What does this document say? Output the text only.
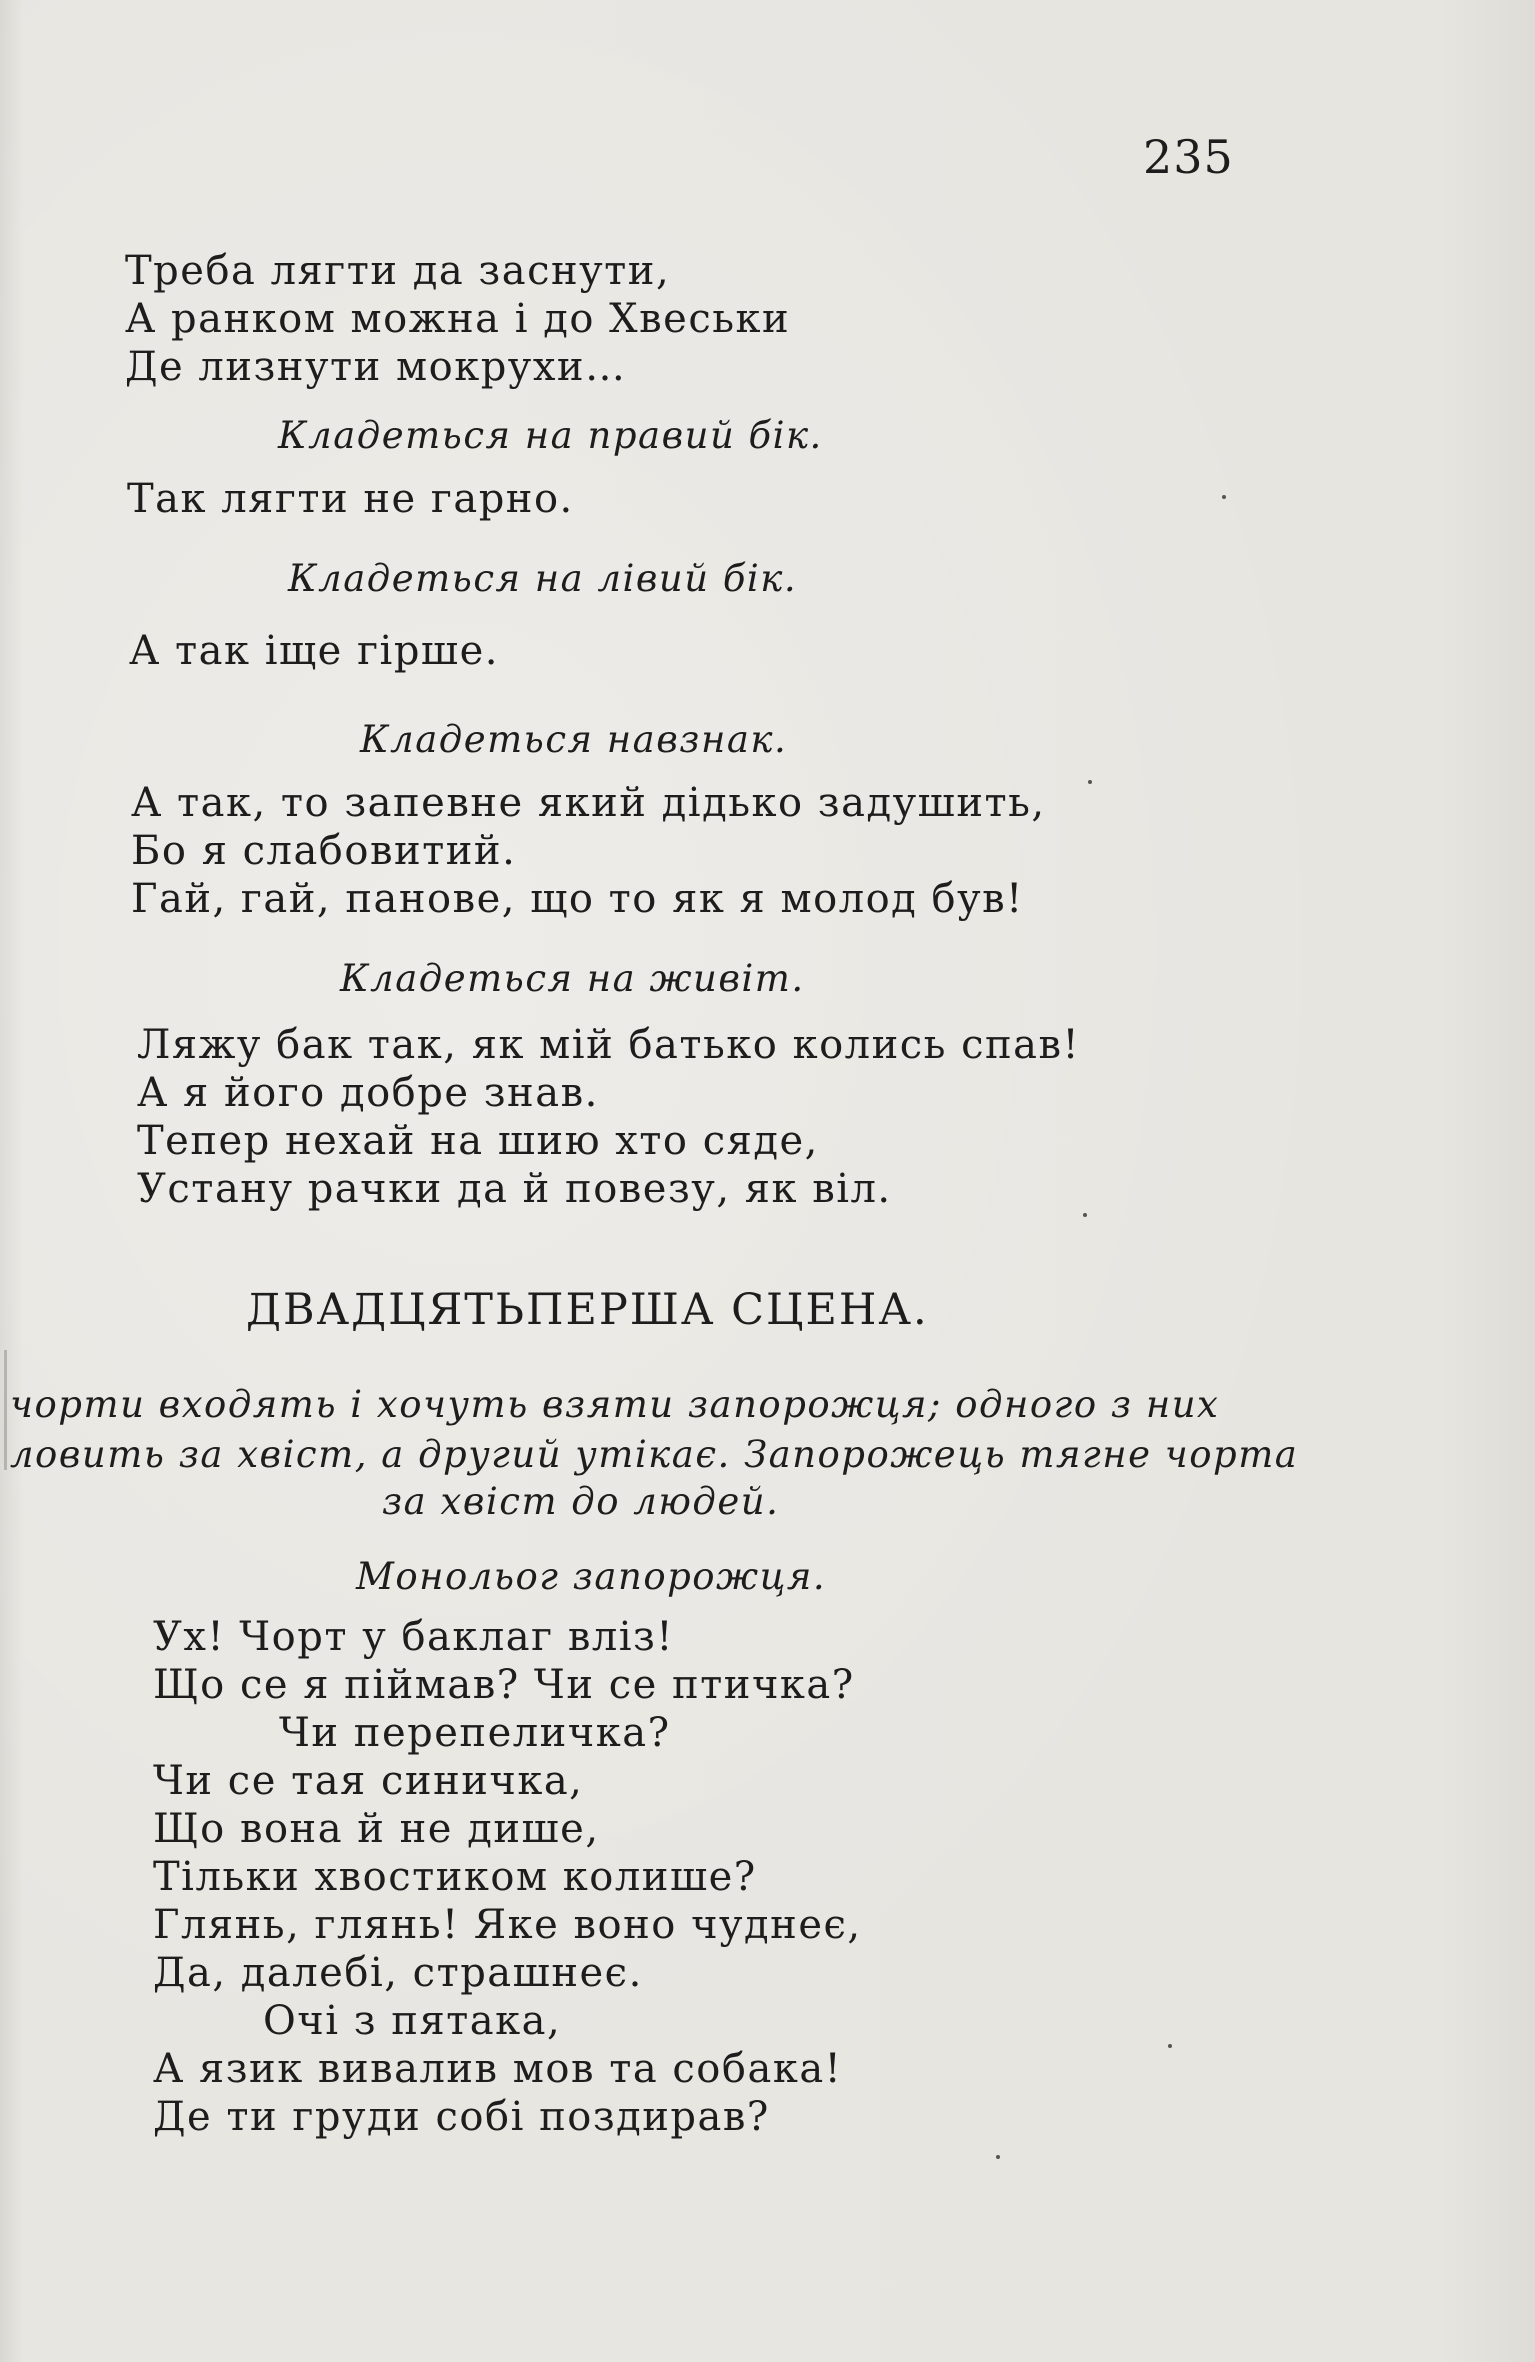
235
Треба лягти да заснути,
А ранком можна і до Хвеськи
Де лизнути мокрухи…
Кладеться на правий бік.
Так лягти не гарно.
Кладеться на лівий бік.
А так іще гірше.
Кладеться навзнак.
А так, то запевне який дідько задушить,
Бо я слабовитий.
Гай, гай, панове, що то як я молод був!
Кладеться на живіт.
Ляжу бак так, як мій батько колись спав!
А я його добре знав.
Тепер нехай на шию хто сяде,
Устану рачки да й повезу, як віл.
ДВАДЦЯТЬПЕРША СЦЕНА.
чорти входять і хочуть взяти запорожця; одного з них
ловить за хвіст, а другий утікає. Запорожець тягне чорта
за хвіст до людей.
Монольог запорожця.
Ух! Чорт у баклаг вліз!
Що се я піймав? Чи се птичка?
Чи перепеличка?
Чи се тая синичка,
Що вона й не дише,
Тільки хвостиком колише?
Глянь, глянь! Яке воно чуднеє,
Да, далебі, страшнеє.
Очі з пятака,
А язик вивалив мов та собака!
Де ти груди собі поздирав?
